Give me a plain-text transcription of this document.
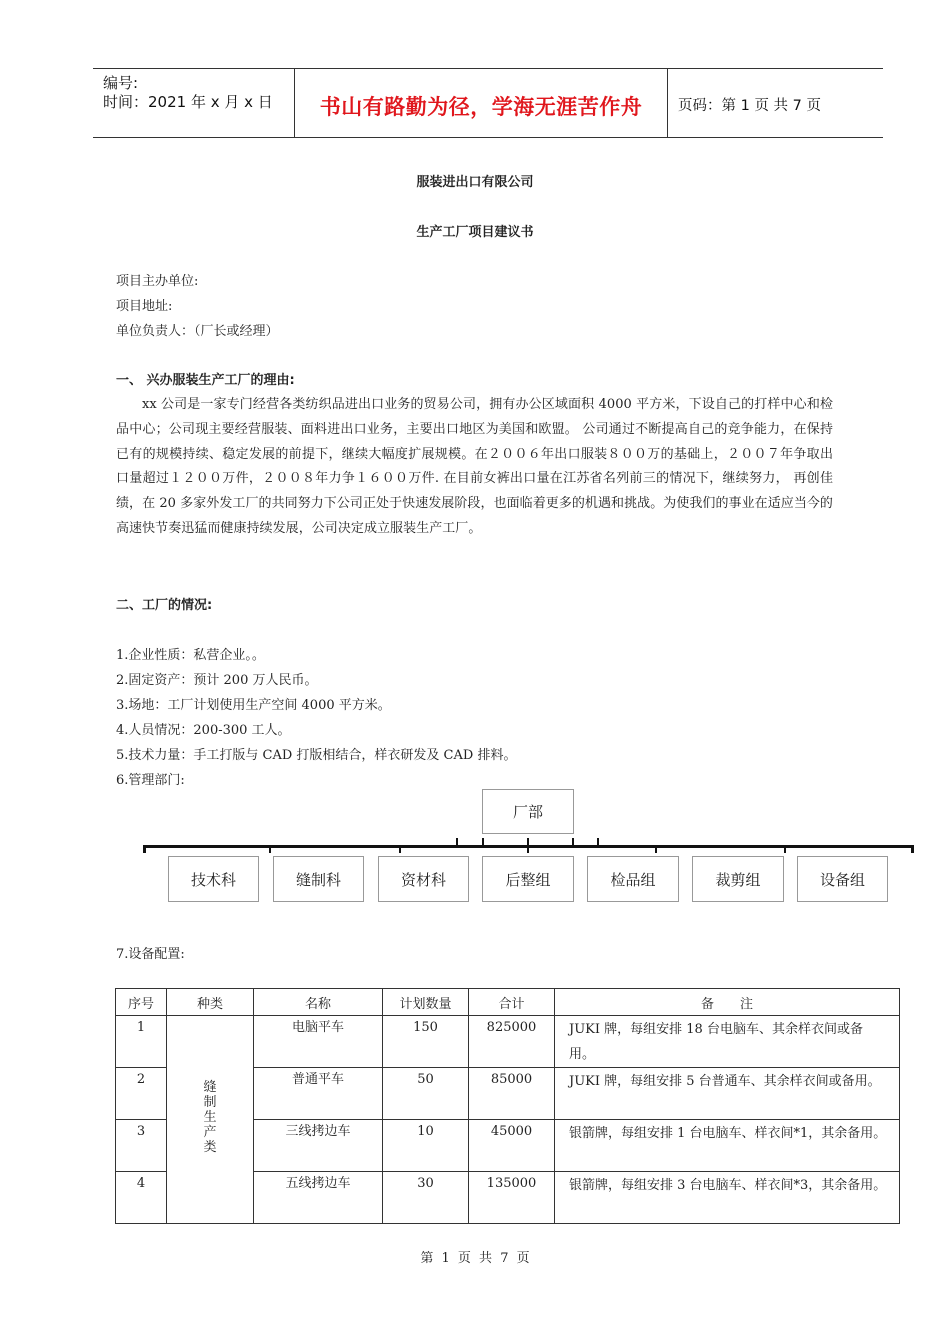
编号:
时间：2021 年 x 月 x 日	书山有路勤为径，学海无涯苦作舟	页码：第 1 页 共 7 页
服装进出口有限公司
生产工厂项目建议书
项目主办单位:
项目地址:
单位负责人：（厂长或经理）
一、 兴办服装生产工厂的理由:
xx 公司是一家专门经营各类纺织品进出口业务的贸易公司，拥有办公区域面积 4000 平方米，下设自己的打样中心和检品中心；公司现主要经营服装、面料进出口业务，主要出口地区为美国和欧盟。 公司通过不断提高自己的竞争能力，在保持已有的规模持续、稳定发展的前提下，继续大幅度扩展规模。在２００６年出口服装８００万的基础上，２００７年争取出口量超过１２００万件，２００８年力争１６００万件. 在目前女裤出口量在江苏省名列前三的情况下，继续努力， 再创佳绩，在 20 多家外发工厂的共同努力下公司正处于快速发展阶段，也面临着更多的机遇和挑战。为使我们的事业在适应当今的高速快节奏迅猛而健康持续发展，公司决定成立服装生产工厂。
二、工厂的情况:
1.企业性质：私营企业。。
2.固定资产：预计 200 万人民币。
3.场地：工厂计划使用生产空间 4000 平方米。
4.人员情况：200-300 工人。
5.技术力量：手工打版与 CAD 打版相结合，样衣研发及 CAD 排料。
6.管理部门:
厂部
技术科	缝制科	资材科	后整组	检品组	裁剪组	设备组
7.设备配置:
序号	种类	名称	计划数量	合计	备　　注
1	缝制生产类	电脑平车	150	825000	JUKI 牌，每组安排 18 台电脑车、其余样衣间或备用。
2		普通平车	50	85000	JUKI 牌，每组安排 5 台普通车、其余样衣间或备用。
3		三线拷边车	10	45000	银箭牌，每组安排 1 台电脑车、样衣间*1，其余备用。
4		五线拷边车	30	135000	银箭牌，每组安排 3 台电脑车、样衣间*3，其余备用。
第 1 页 共 7 页
